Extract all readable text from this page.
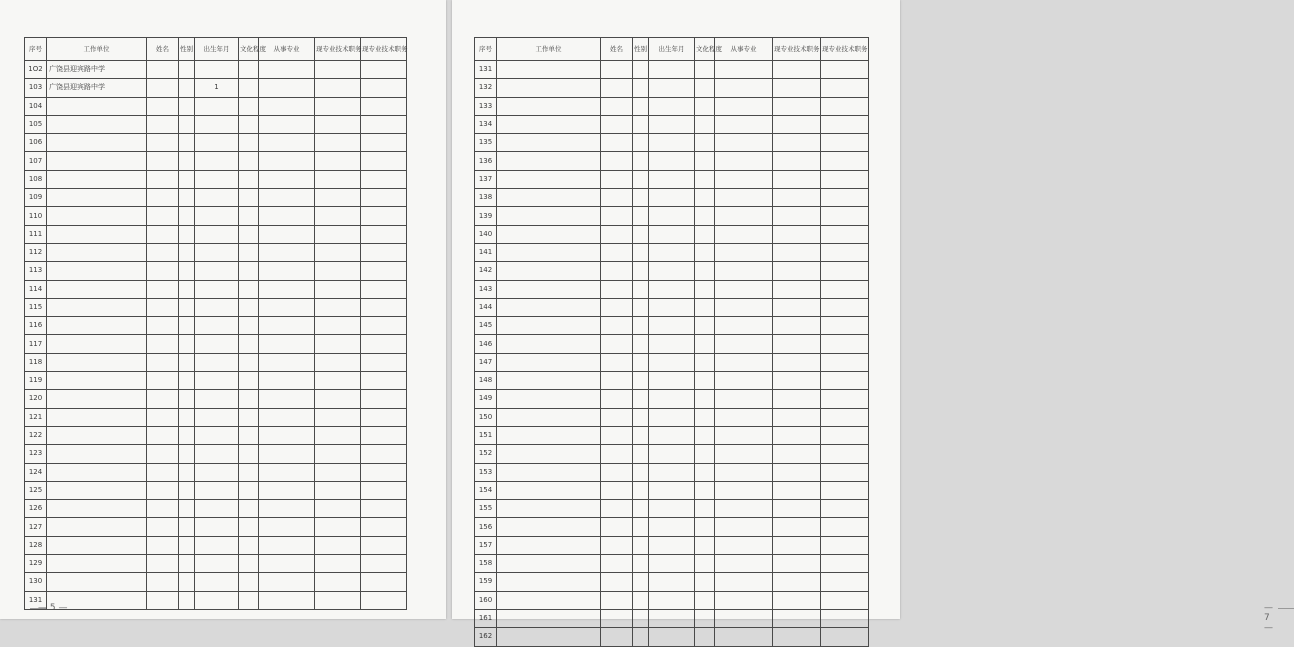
— 5 —	— 7 —
序号	工作单位	姓名	性别	出生年月	文化程度	从事专业	现专业技术职务	现专业技术职务
1O2	广饶县迎宾路中学							
103	广饶县迎宾路中学			1				
104								
105								
106								
107								
108								
109								
110								
111								
112								
113								
114								
115								
116								
117								
118								
119								
120								
121								
122								
123								
124								
125								
126								
127								
128								
129								
130								
131								
序号	工作单位	姓名	性别	出生年月	文化程度	从事专业	现专业技术职务	现专业技术职务
131								
132								
133								
134								
135								
136								
137								
138								
139								
140								
141								
142								
143								
144								
145								
146								
147								
148								
149								
150								
151								
152								
153								
154								
155								
156								
157								
158								
159								
160								
161								
162								
